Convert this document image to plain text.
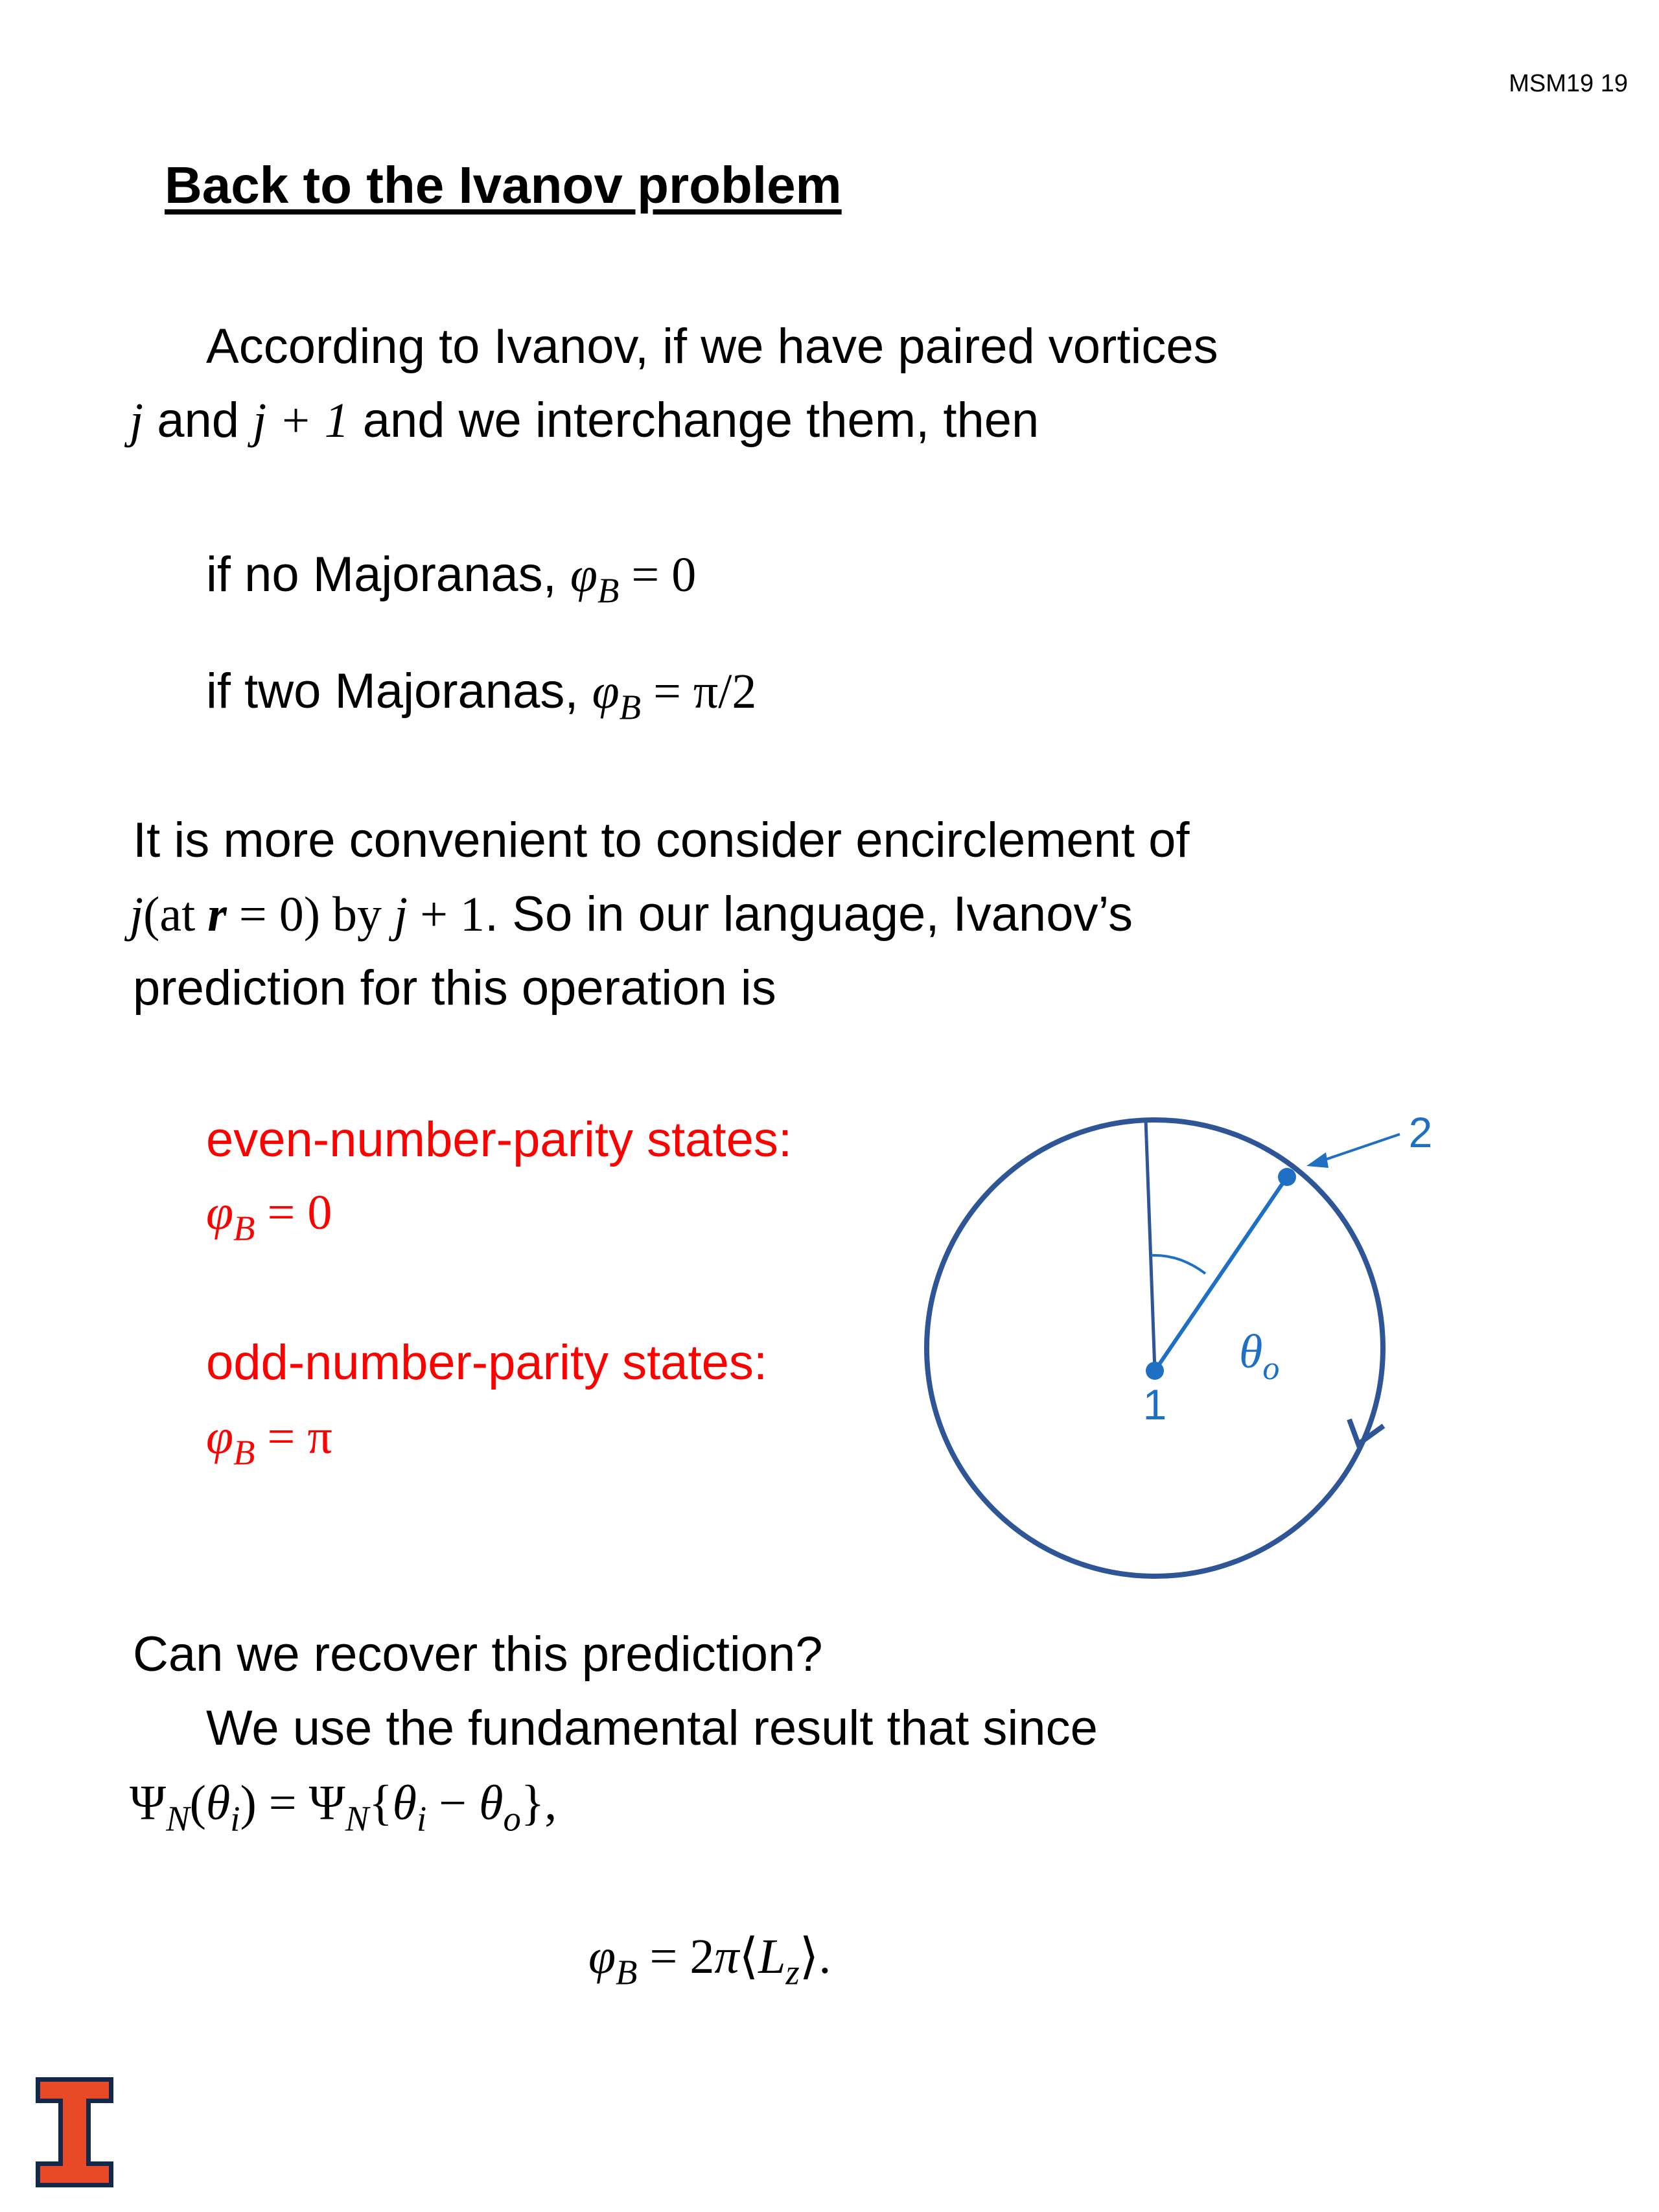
MSM19 19
Back to the Ivanov problem
According to Ivanov, if we have paired vortices
j and j + 1 and we interchange them, then
if no Majoranas, $\varphi_B = 0$
if two Majoranas, $\varphi_B = \pi/2$
It is more convenient to consider encirclement of
j(at r = 0) by j + 1. So in our language, Ivanov’s
prediction for this operation is
even-number-parity states:
$\varphi_B = 0$
odd-number-parity states:
$\varphi_B = \pi$
1
2
$\theta_o$
Can we recover this prediction?
We use the fundamental result that since
$\Psi_N(\theta_i) = \Psi_N\{\theta_i - \theta_o\}$,
$\varphi_B$ = $2\pi⟨L_z⟩$.
